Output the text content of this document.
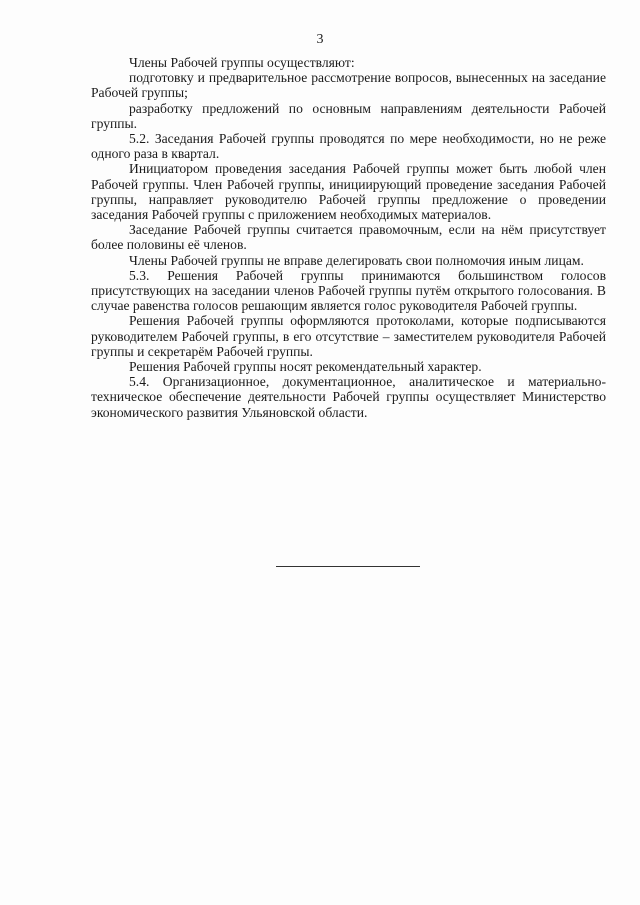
3

Члены Рабочей группы осуществляют:

подготовку и предварительное рассмотрение вопросов, вынесенных на заседание Рабочей группы;

разработку предложений по основным направлениям деятельности Рабочей группы.

5.2. Заседания Рабочей группы проводятся по мере необходимости, но не реже одного раза в квартал.

Инициатором проведения заседания Рабочей группы может быть любой член Рабочей группы. Член Рабочей группы, инициирующий проведение заседания Рабочей группы, направляет руководителю Рабочей группы предложение о проведении заседания Рабочей группы с приложением необходимых материалов.

Заседание Рабочей группы считается правомочным, если на нём присутствует более половины её членов.

Члены Рабочей группы не вправе делегировать свои полномочия иным лицам.

5.3. Решения Рабочей группы принимаются большинством голосов присутствующих на заседании членов Рабочей группы путём открытого голосования. В случае равенства голосов решающим является голос руководителя Рабочей группы.

Решения Рабочей группы оформляются протоколами, которые подписываются руководителем Рабочей группы, в его отсутствие – заместителем руководителя Рабочей группы и секретарём Рабочей группы.

Решения Рабочей группы носят рекомендательный характер.

5.4. Организационное, документационное, аналитическое и материально-техническое обеспечение деятельности Рабочей группы осуществляет Министерство экономического развития Ульяновской области.
